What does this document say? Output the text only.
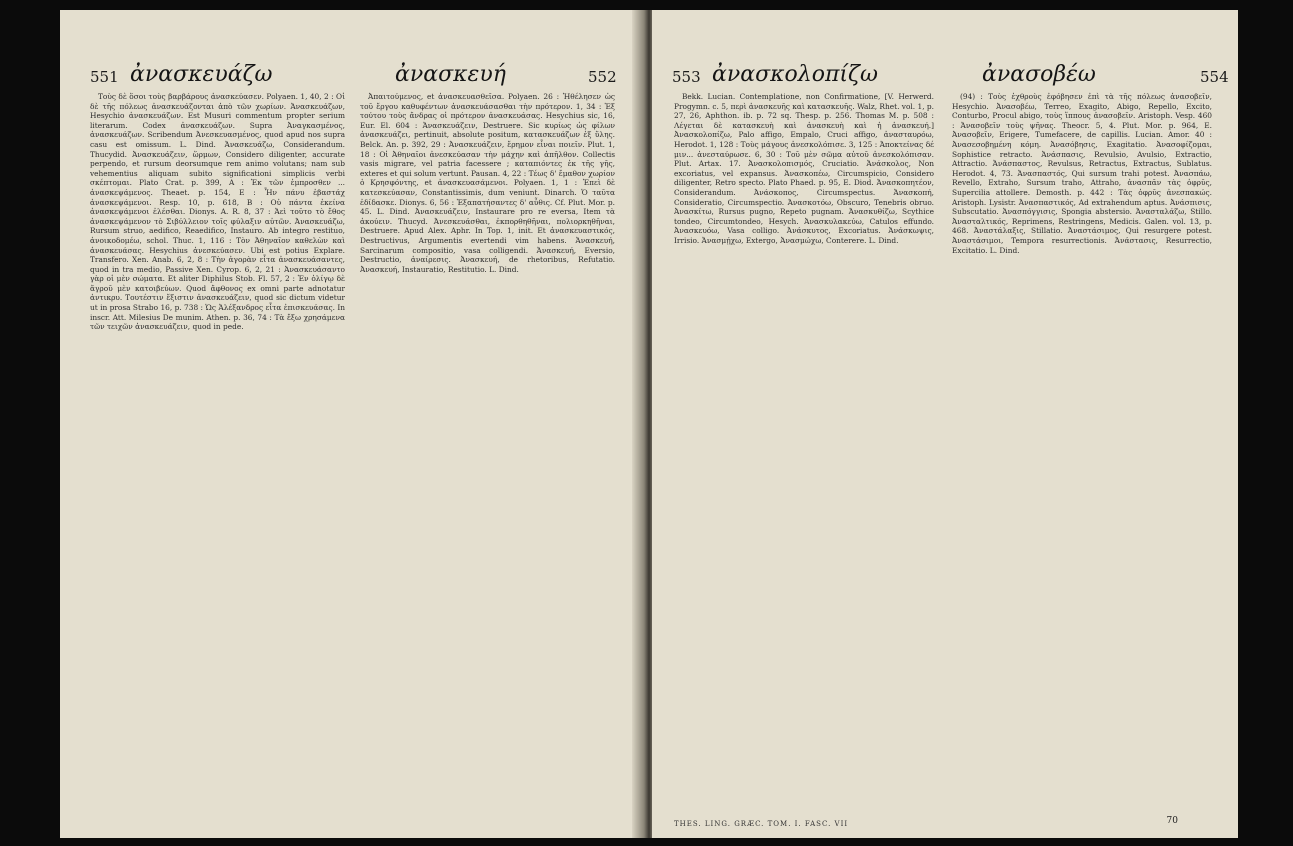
551 ἀνασκευάζω	ἀνασκευή	552

Τοὺς δὲ ὅσοι τοὺς βαρβάρους ἀνασκεύασεν. Polyaen. 1, 40, 2 : Οἱ δὲ τῆς πόλεως ἀνασκευάζονται ἀπὸ τῶν χωρίων. Ἀνασκευάζων, Hesychio ἀνασκευάζων. Est Musuri commentum propter serium literarum. Codex ἀνασκευάζων. Supra Ἀναγκασμένος, ἀνασκευάζων. Scribendum Ἀνεσκευασμένος, quod apud nos supra casu est omissum. L. Dind. Ἀνασκευάζω, Considerandum. Thucydid. Ἀνασκευάζειν, ὥρμων, Considero diligenter, accurate perpendo, et rursum deorsumque rem animo volutans; nam sub vehementius aliquam subito significationi simplicis verbi σκέπτομαι. Plato Crat. p. 399, A : Ἐκ τῶν ἐμπροσθεν ... ἀνασκεψάμενος. Theaet. p. 154, E : Ἦν πάνυ ἐβαστάχ ἀνασκεψάμενοι. Resp. 10, p. 618, B : Οὐ πάντα ἐκείνα ἀνασκεψάμενοι ἐλέσθαι. Dionys. A. R. 8, 37 : Ἀεὶ τοῦτο τὸ ἔθος ἀνασκεψάμενον τὸ Σιβύλλειον τοῖς φύλαξιν αὐτῶν. Ἀνασκευάζω, Rursum struo, aedifico, Reaedifico, Instauro. Ab integro restituo, ἀνοικοδομέω, schol. Thuc. 1, 116 : Τὸν Ἀθηναῖον καθελὼν καὶ ἀνασκευάσας. Hesychius ἀνεσκεύασεν. Ubi est potius Explare. Transfero. Xen. Anab. 6, 2, 8 : Τὴν ἀγορὰν εἶτα ἀνασκευάσαντες, quod in tra medio, Passive Xen. Cyrop. 6, 2, 21 : Ἀνασκευάσαντο γὰρ οἱ μὲν σώματα. Et aliter Diphilus Stob. Fl. 57, 2 : Ἐν ὀλίγῳ δὲ ἄγροῦ μὲν κατοιβεύων. Quod ἄφθονος ex omni parte adnotatur ἀντικρυ. Τουτέστιν ἔξιστιν ἀνασκευάζειν, quod sic dictum videtur ut in prosa Strabo 16, p. 738 : Ὡς Ἀλέξανδρος εἶτα ἐπισκευάσας. In inscr. Att. Milesius De munim. Athen. p. 36, 74 : Τὰ ἔξω χρησάμενα τῶν τειχῶν ἀνασκευάζειν, quod in pede.

Ἀπαιτούμενος, et ἀνασκευασθεῖσα. Polyaen. 26 : Ἠθέλησεν ὡς τοῦ ἔργου καθυφέντων ἀνασκευάσασθαι τὴν πρότερον. 1, 34 : Ἐξ τούτου τοὺς ἄνδρας οἱ πρότερον ἀνασκευάσας. Hesychius sic, 16, Eur. El. 604 : Ἀνασκευάζειν, Destruere. Sic κυρίως ὡς φίλων ἀνασκευάζει, pertinuit, absolute positum, κατασκευάζων ἐξ ὕλης. Belck. An. p. 392, 29 : Ἀνασκευάζειν, ἔρημον εἶναι ποιεῖν. Plut. 1, 18 : Οἱ Ἀθηναῖοι ἀνεσκεύασαν τὴν μάχην καὶ ἀπῆλθον. Collectis vasis migrare, vel patria facessere ; καταπιόντες ἐκ τῆς γῆς, exteres et qui solum vertunt. Pausan. 4, 22 : Τέως δ' ἔμαθον χωρίον ὁ Κρησφόντης, et ἀνασκευασάμενοι. Polyaen. 1, 1 : Ἐπεὶ δὲ κατεσκεύασαν, Constantissimis, dum veniunt. Dinarch. Ὁ ταῦτα ἐδίδασκε. Dionys. 6, 56 : Ἐξαπατήσαντες δ' αὖθις. Cf. Plut. Mor. p. 45. L. Dind. Ἀνασκευάζειν, Instaurare pro re eversa, Item τὰ ἀκούειν. Thucyd. Ἀνεσκευάσθαι, ἐκπορθηθῆναι, πολιορκηθῆναι, Destruere. Apud Alex. Aphr. In Top. 1, init. Et ἀνασκευαστικός, Destructivus, Argumentis evertendi vim habens. Ἀνασκευή, Sarcinarum compositio, vasa colligendi. Ἀνασκευή, Eversio, Destructio, ἀναίρεσις. Ἀνασκευή, de rhetoribus, Refutatio. Ἀνασκευή, Instauratio, Restitutio. L. Dind.

553 ἀνασκολοπίζω	ἀνασοβέω	554

Bekk. Lucian. Contemplatione, non Confirmatione, [V. Herwerd. Progymn. c. 5, περὶ ἀνασκευῆς καὶ κατασκευῆς. Walz, Rhet. vol. 1, p. 27, 26, Aphthon. ib. p. 72 sq. Thesp. p. 256. Thomas M. p. 508 : Λέγεται δὲ κατασκευὴ καὶ ἀνασκευὴ καὶ ἡ ἀνασκευή.] Ἀνασκολοπίζω, Palo affigo, Empalo, Cruci affigo, ἀνασταυρόω, Herodot. 1, 128 : Τοὺς μάγους ἀνεσκολόπισε. 3, 125 : Ἀποκτείνας δέ μιν... ἀνεσταύρωσε. 6, 30 : Τοῦ μὲν σῶμα αὐτοῦ ἀνεσκολόπισαν. Plut. Artax. 17. Ἀνασκολοπισμός, Cruciatio. Ἀνάσκολος, Non excoriatus, vel expansus. Ἀνασκοπέω, Circumspicio, Considero diligenter, Retro specto. Plato Phaed. p. 95, E. Diod. Ἀνασκοπητέον, Considerandum. Ἀνάσκοπος, Circumspectus. Ἀνασκοπή, Consideratio, Circumspectio. Ἀνασκοτόω, Obscuro, Tenebris obruo. Ἀνασκίτω, Rursus pugno, Repeto pugnam. Ἀνασκυθίζω, Scythice tondeo, Circumtondeo, Hesych. Ἀνασκυλακεύω, Catulos effundo. Ἀνασκευόω, Vasa colligo. Ἀνάσκυτος, Excoriatus. Ἀνάσκωψις, Irrisio. Ἀνασμῄχω, Extergo, Ἀνασμώχω, Conterere. L. Dind.

(94) : Τοὺς ἐχθροὺς ἐφόβησεν ἐπὶ τὰ τῆς πόλεως ἀνασοβεῖν, Hesychio. Ἀνασοβέω, Terreo, Exagito, Abigo, Repello, Excito, Conturbo, Procul abigo, τοὺς ἵππους ἀνασοβεῖν. Aristoph. Vesp. 460 : Ἀνασοβεῖν τοὺς ψῆνας. Theocr. 5, 4. Plut. Mor. p. 964, E. Ἀνασοβεῖν, Erigere, Tumefacere, de capillis. Lucian. Amor. 40 : Ἀνασεσοβημένη κόμη. Ἀνασόβησις, Exagitatio. Ἀνασοφίζομαι, Sophistice retracto. Ἀνάσπασις, Revulsio, Avulsio, Extractio, Attractio. Ἀνάσπαστος, Revulsus, Retractus, Extractus, Sublatus. Herodot. 4, 73. Ἀνασπαστός, Qui sursum trahi potest. Ἀνασπάω, Revello, Extraho, Sursum traho, Attraho, ἀνασπᾶν τὰς ὀφρῦς, Supercilia attollere. Demosth. p. 442 : Τὰς ὀφρῦς ἀνεσπακώς. Aristoph. Lysistr. Ἀνασπαστικός, Ad extrahendum aptus. Ἀνάσπισις, Subscutatio. Ἀνασπόγγισις, Spongia abstersio. Ἀνασταλάζω, Stillo. Ἀνασταλτικός, Reprimens, Restringens, Medicis. Galen. vol. 13, p. 468. Ἀναστάλαξις, Stillatio. Ἀναστάσιμος, Qui resurgere potest. Ἀναστάσιμοι, Tempora resurrectionis. Ἀνάστασις, Resurrectio, Excitatio. L. Dind.

THES. LING. GRÆC. TOM. I. FASC. VII	70
